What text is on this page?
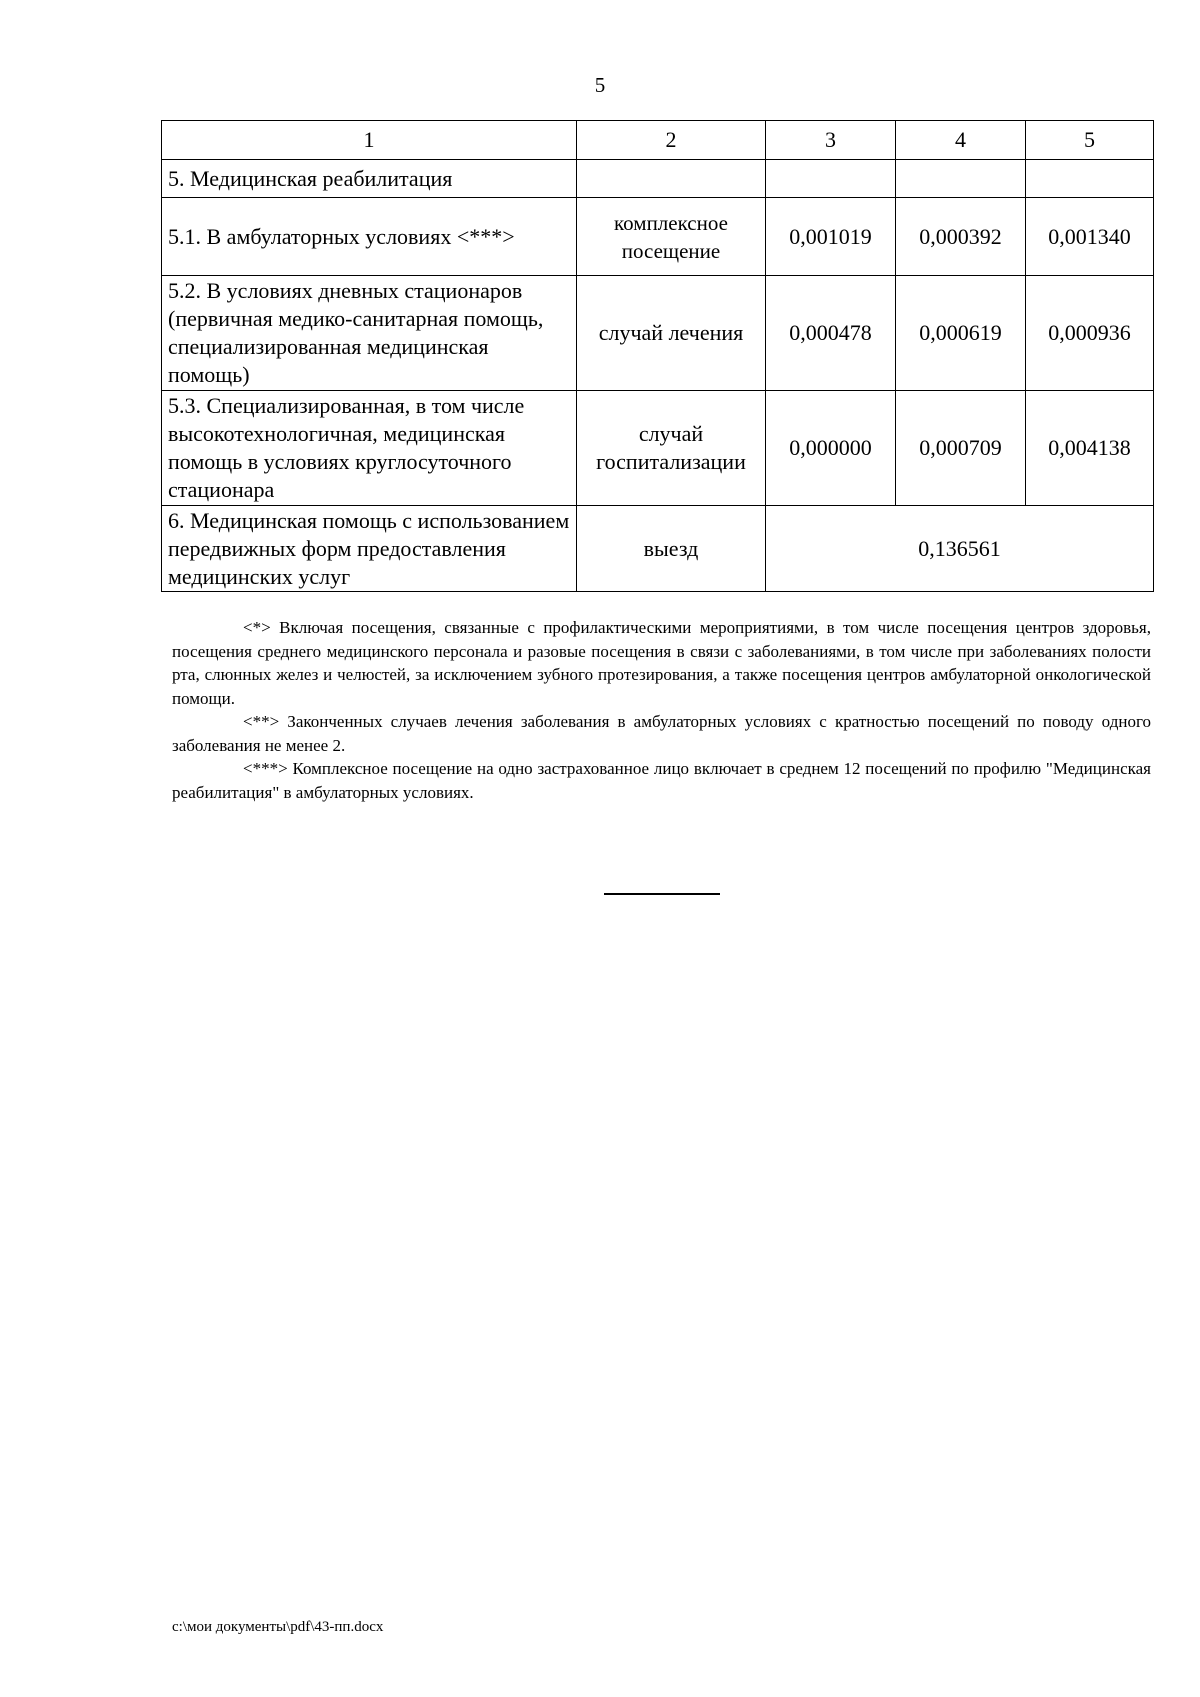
5
1	2	3	4	5
5. Медицинская реабилитация				
5.1. В амбулаторных условиях <***>	комплексное посещение	0,001019	0,000392	0,001340
5.2. В условиях дневных стационаров (первичная медико-санитарная помощь, специализированная медицинская помощь)	случай лечения	0,000478	0,000619	0,000936
5.3. Специализированная, в том числе высокотехнологичная, медицинская помощь в условиях круглосуточного стационара	случай госпитализации	0,000000	0,000709	0,004138
6. Медицинская помощь с использованием передвижных форм предоставления медицинских услуг	выезд	0,136561		

<*> Включая посещения, связанные с профилактическими мероприятиями, в том числе посещения центров здоровья, посещения среднего медицинского персонала и разовые посещения в связи с заболеваниями, в том числе при заболеваниях полости рта, слюнных желез и челюстей, за исключением зубного протезирования, а также посещения центров амбулаторной онкологической помощи.

<**> Законченных случаев лечения заболевания в амбулаторных условиях с кратностью посещений по поводу одного заболевания не менее 2.

<***> Комплексное посещение на одно застрахованное лицо включает в среднем 12 посещений по профилю "Медицинская реабилитация" в амбулаторных условиях.

c:\мои документы\pdf\43-пп.docx
